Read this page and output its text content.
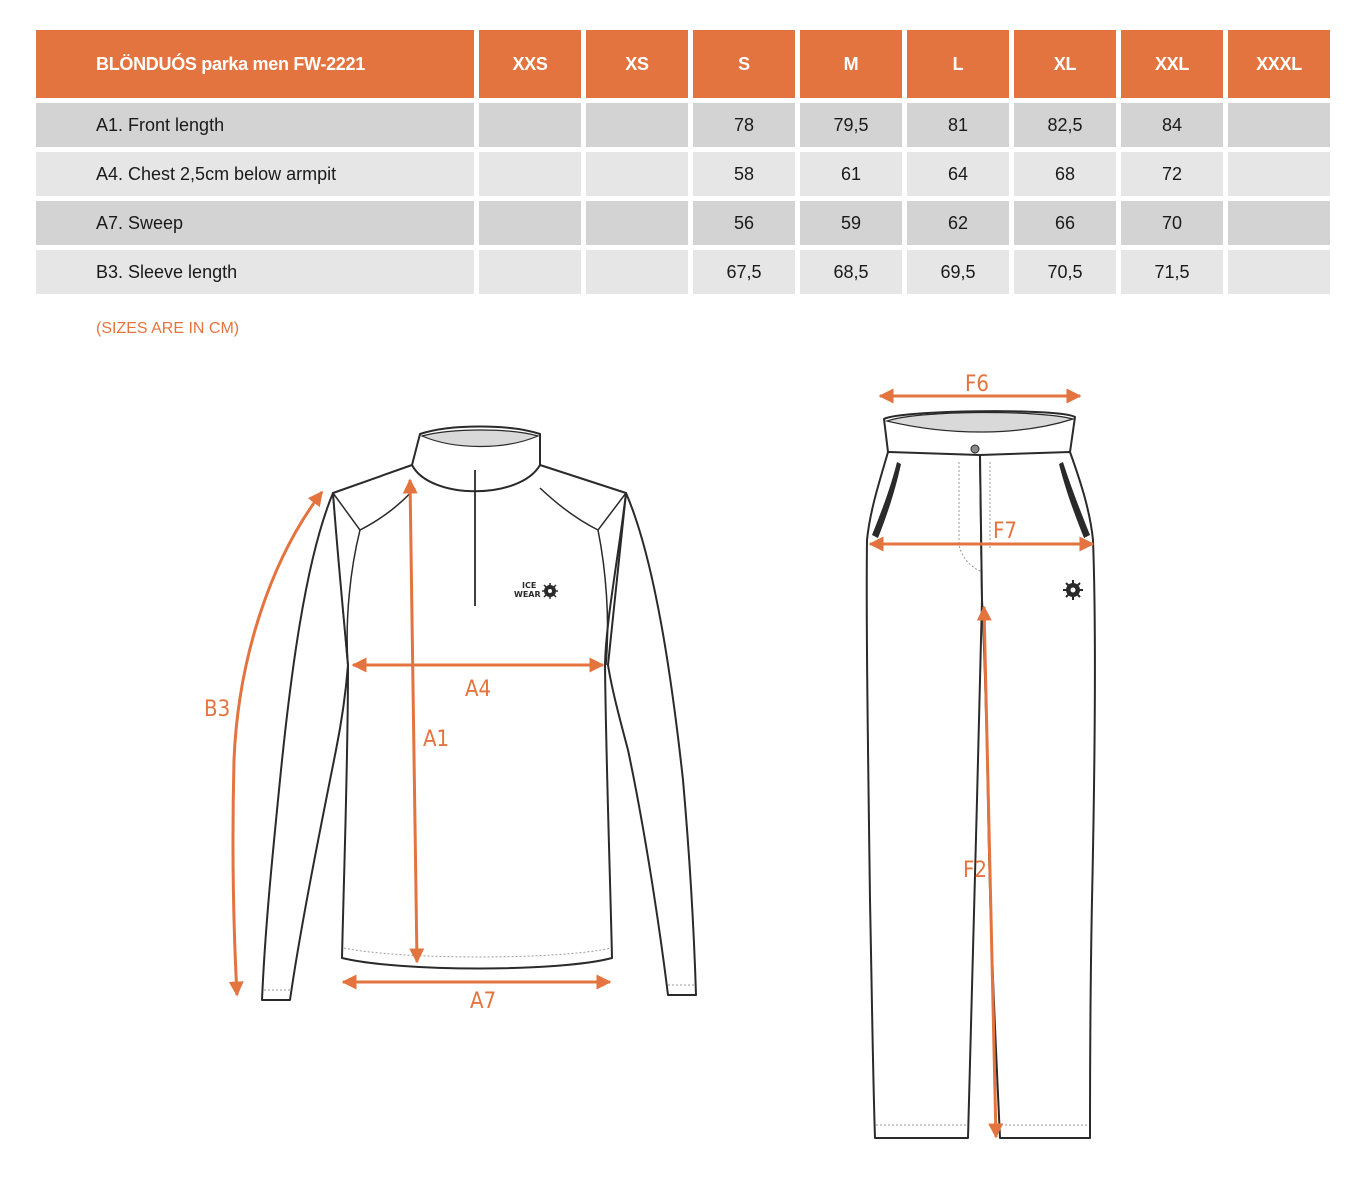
BLÖNDUÓS parka men FW-2221	XXS	XS	S	M	L	XL	XXL	XXXL
A1. Front length			78	79,5	81	82,5	84	
A4. Chest 2,5cm below armpit			58	61	64	68	72	
A7. Sweep			56	59	62	66	70	
B3. Sleeve length			67,5	68,5	69,5	70,5	71,5	
(SIZES ARE IN CM)
ICE
WEAR
B3
A1
A4
A7
F6
F7
F2
